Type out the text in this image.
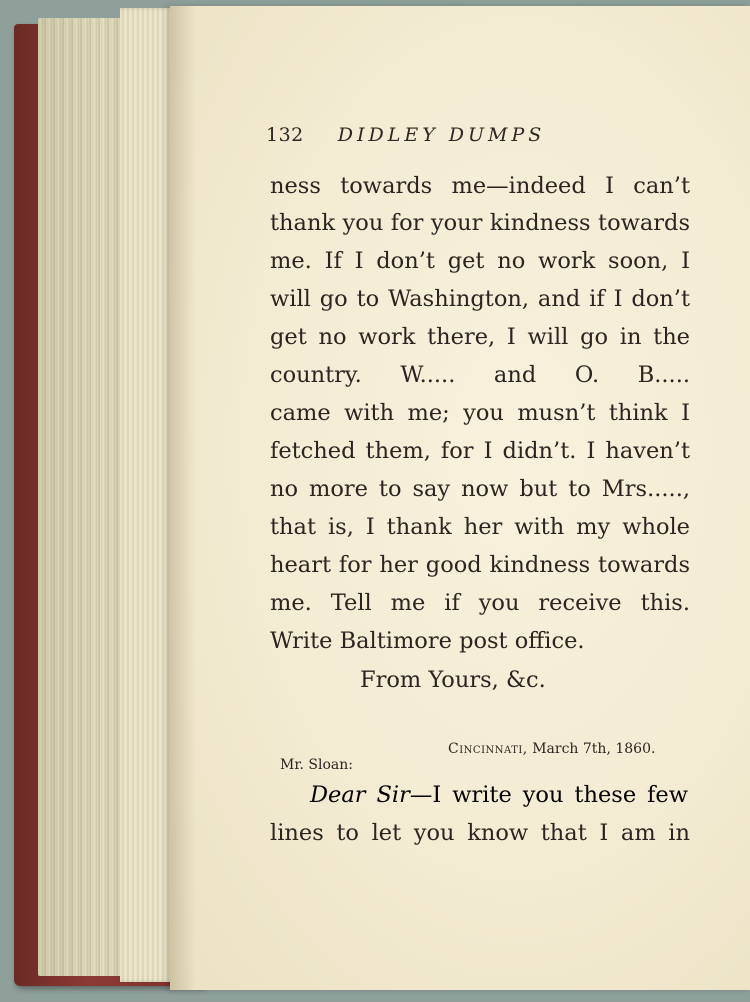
132 DIDLEY DUMPS
ness towards me—indeed I can’t
thank you for your kindness towards
me. If I don’t get no work soon, I
will go to Washington, and if I don’t
get no work there, I will go in the
country. W..... and O. B.....
came with me; you musn’t think I
fetched them, for I didn’t. I haven’t
no more to say now but to Mrs.....,
that is, I thank her with my whole
heart for her good kindness towards
me. Tell me if you receive this.
Write Baltimore post office.
From Yours, &c.
Cincinnati, March 7th, 1860.
Mr. Sloan:
Dear Sir—I write you these few
lines to let you know that I am in
